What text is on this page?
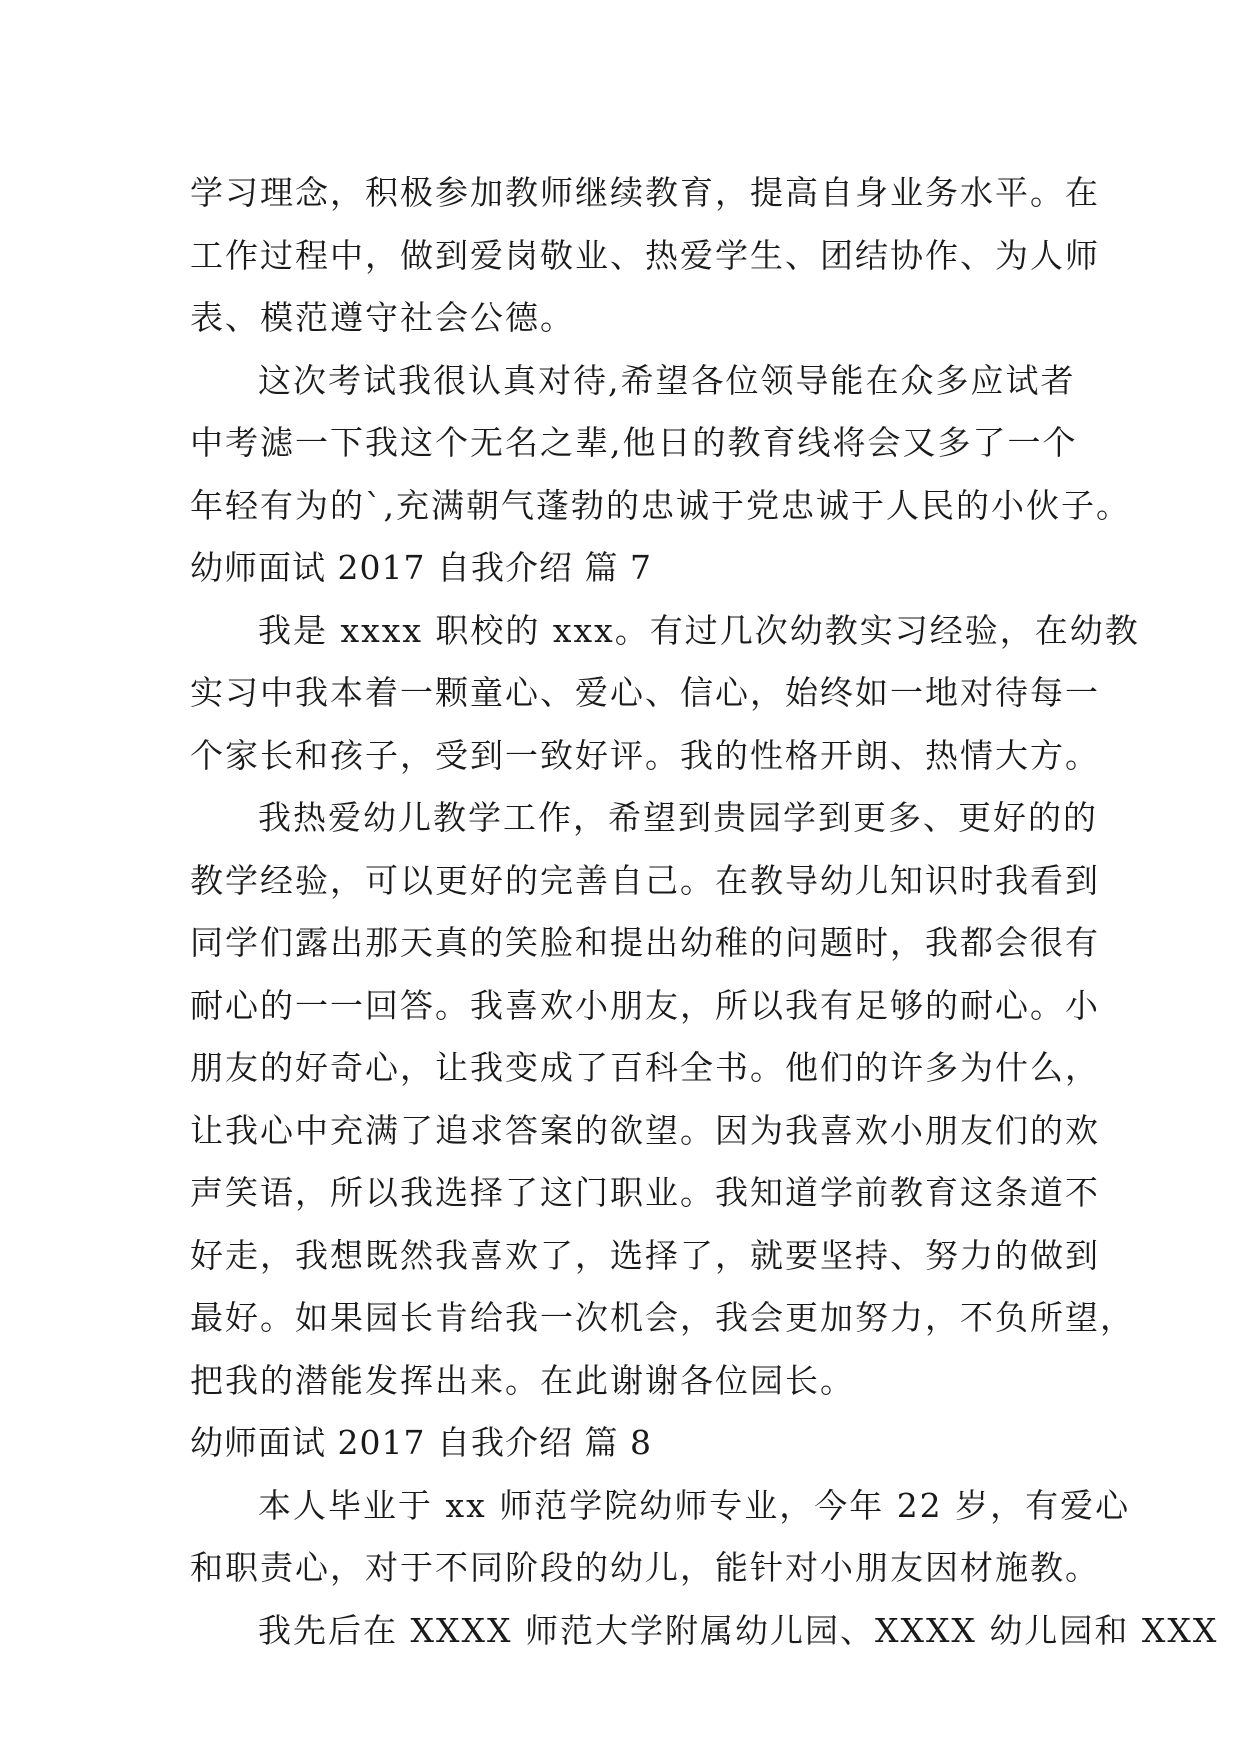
学习理念，积极参加教师继续教育，提高自身业务水平。在
工作过程中，做到爱岗敬业、热爱学生、团结协作、为人师
表、模范遵守社会公德。
这次考试我很认真对待,希望各位领导能在众多应试者
中考滤一下我这个无名之辈,他日的教育线将会又多了一个
年轻有为的`,充满朝气蓬勃的忠诚于党忠诚于人民的小伙子。
幼师面试 2017 自我介绍 篇 7
我是 xxxx 职校的 xxx。有过几次幼教实习经验，在幼教
实习中我本着一颗童心、爱心、信心，始终如一地对待每一
个家长和孩子，受到一致好评。我的性格开朗、热情大方。
我热爱幼儿教学工作，希望到贵园学到更多、更好的的
教学经验，可以更好的完善自己。在教导幼儿知识时我看到
同学们露出那天真的笑脸和提出幼稚的问题时，我都会很有
耐心的一一回答。我喜欢小朋友，所以我有足够的耐心。小
朋友的好奇心，让我变成了百科全书。他们的许多为什么，
让我心中充满了追求答案的欲望。因为我喜欢小朋友们的欢
声笑语，所以我选择了这门职业。我知道学前教育这条道不
好走，我想既然我喜欢了，选择了，就要坚持、努力的做到
最好。如果园长肯给我一次机会，我会更加努力，不负所望，
把我的潜能发挥出来。在此谢谢各位园长。
幼师面试 2017 自我介绍 篇 8
本人毕业于 xx 师范学院幼师专业，今年 22 岁，有爱心
和职责心，对于不同阶段的幼儿，能针对小朋友因材施教。
我先后在 XXXX 师范大学附属幼儿园、XXXX 幼儿园和 XXX
